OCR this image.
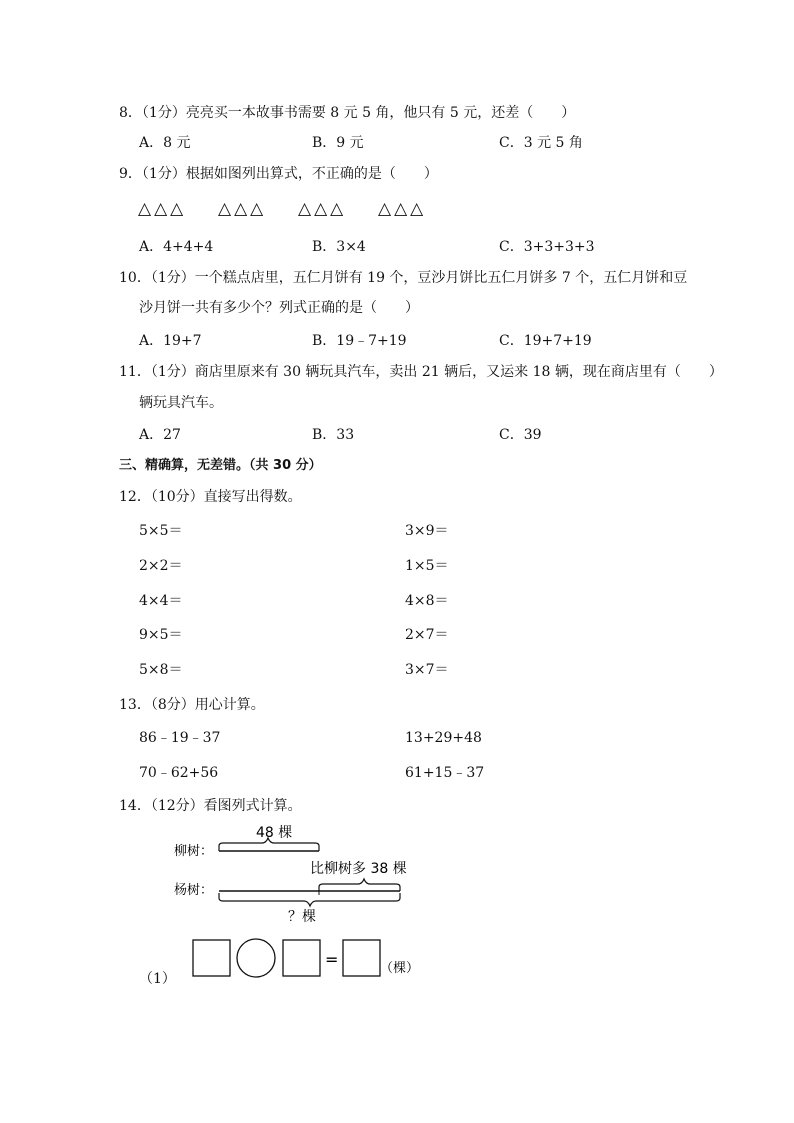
8．（1分）亮亮买一本故事书需要 8 元 5 角，他只有 5 元，还差（　　）
A．8 元	B．9 元	C．3 元 5 角
9．（1分）根据如图列出算式，不正确的是（　　）
△△△ △△△ △△△ △△△
A．4+4+4	B．3×4	C．3+3+3+3
10．（1分）一个糕点店里，五仁月饼有 19 个，豆沙月饼比五仁月饼多 7 个，五仁月饼和豆
沙月饼一共有多少个？列式正确的是（　　）
A．19+7	B．19﹣7+19	C．19+7+19
11．（1分）商店里原来有 30 辆玩具汽车，卖出 21 辆后，又运来 18 辆，现在商店里有（　　）
辆玩具汽车。
A．27	B．33	C．39
三、精确算，无差错。（共 30 分）
12．（10分）直接写出得数。
5×5＝	3×9＝
2×2＝	1×5＝
4×4＝	4×8＝
9×5＝	2×7＝
5×8＝	3×7＝
13．（8分）用心计算。
86﹣19﹣37	13+29+48
70﹣62+56	61+15﹣37
14．（12分）看图列式计算。
柳树：
48 棵
比柳树多 38 棵
杨树：
？棵
=	（棵）
（1）
